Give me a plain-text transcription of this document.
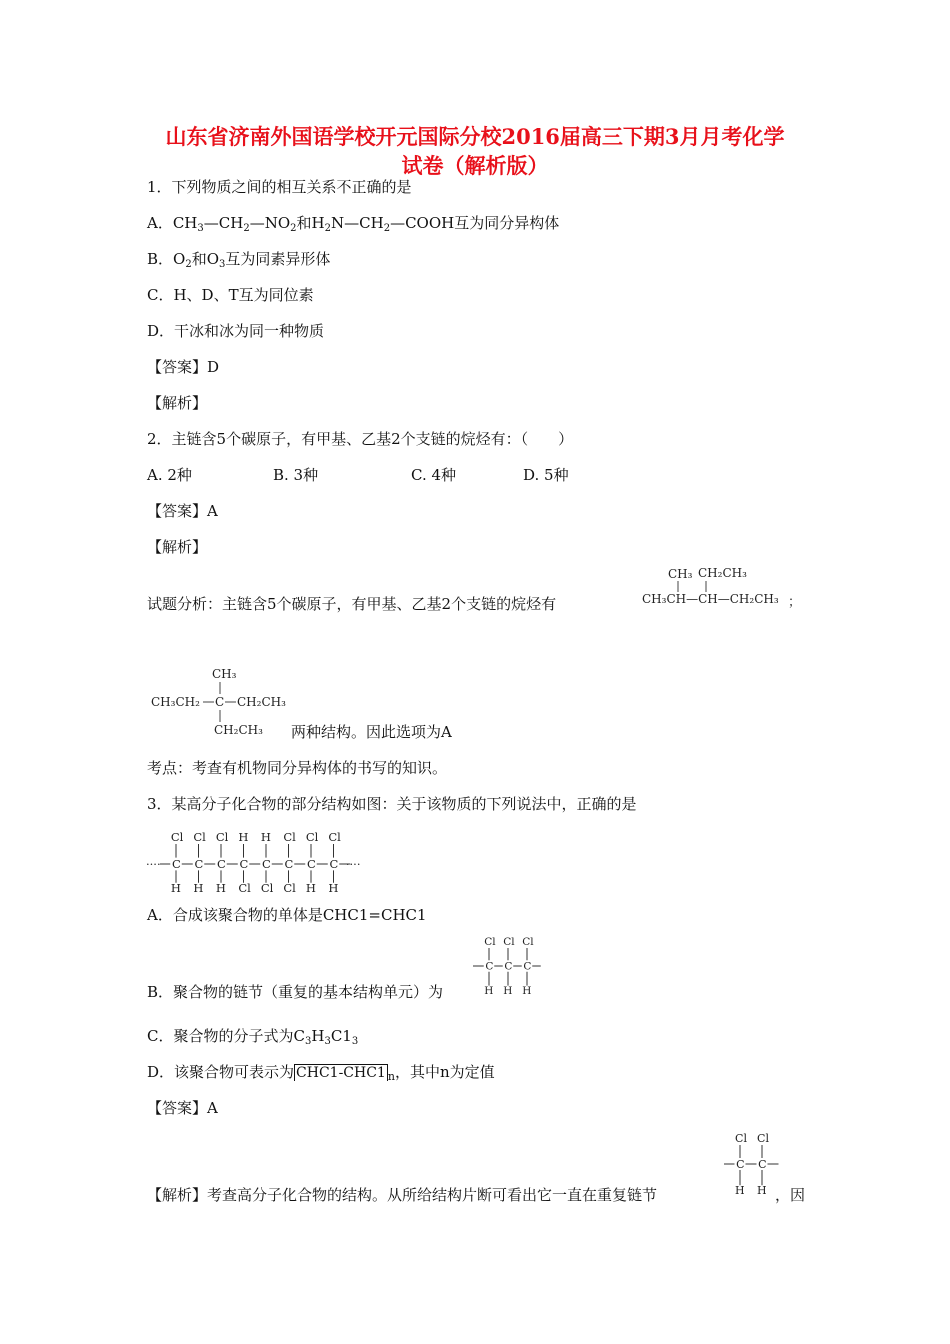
山东省济南外国语学校开元国际分校2016届高三下期3月月考化学
试卷（解析版）
1．下列物质之间的相互关系不正确的是
A．$CH_3—CH_2—NO_2$和$H_2N—CH_2—COOH$互为同分异构体
B．$O_2$和$O_3$互为同素异形体
C．H、D、T互为同位素
D．干冰和冰为同一种物质
【答案】D
【解析】
2．主链含5个碳原子，有甲基、乙基2个支链的烷烃有：（　　）
A. 2种	B. 3种	C. 4种	D. 5种
【答案】A
【解析】
试题分析：主链含5个碳原子，有甲基、乙基2个支链的烷烃有
CH₃ CH₂CH₃
CH₃CH—CH—CH₂CH₃ ；
CH₃
CH₃CH₂ C CH₂CH₃
CH₂CH₃ 两种结构。因此选项为A
考点：考查有机物同分异构体的书写的知识。
3．某高分子化合物的部分结构如图：关于该物质的下列说法中，正确的是
····
Cl
C
H
Cl
C
H
Cl
C
H
H
C
Cl
H
C
Cl
Cl
C
Cl
Cl
C
H
Cl
C
H
····
A．合成该聚合物的单体是CHC1=CHC1
B．聚合物的链节（重复的基本结构单元）为
Cl
C
H
Cl
C
H
Cl
C
H
C．聚合物的分子式为$C_3H_3C1_3$
D．该聚合物可表示为 CHC1-CHC1 $_n$，其中n为定值
【答案】A
【解析】考查高分子化合物的结构。从所给结构片断可看出它一直在重复链节
Cl
C
H
Cl
C
H ，因
